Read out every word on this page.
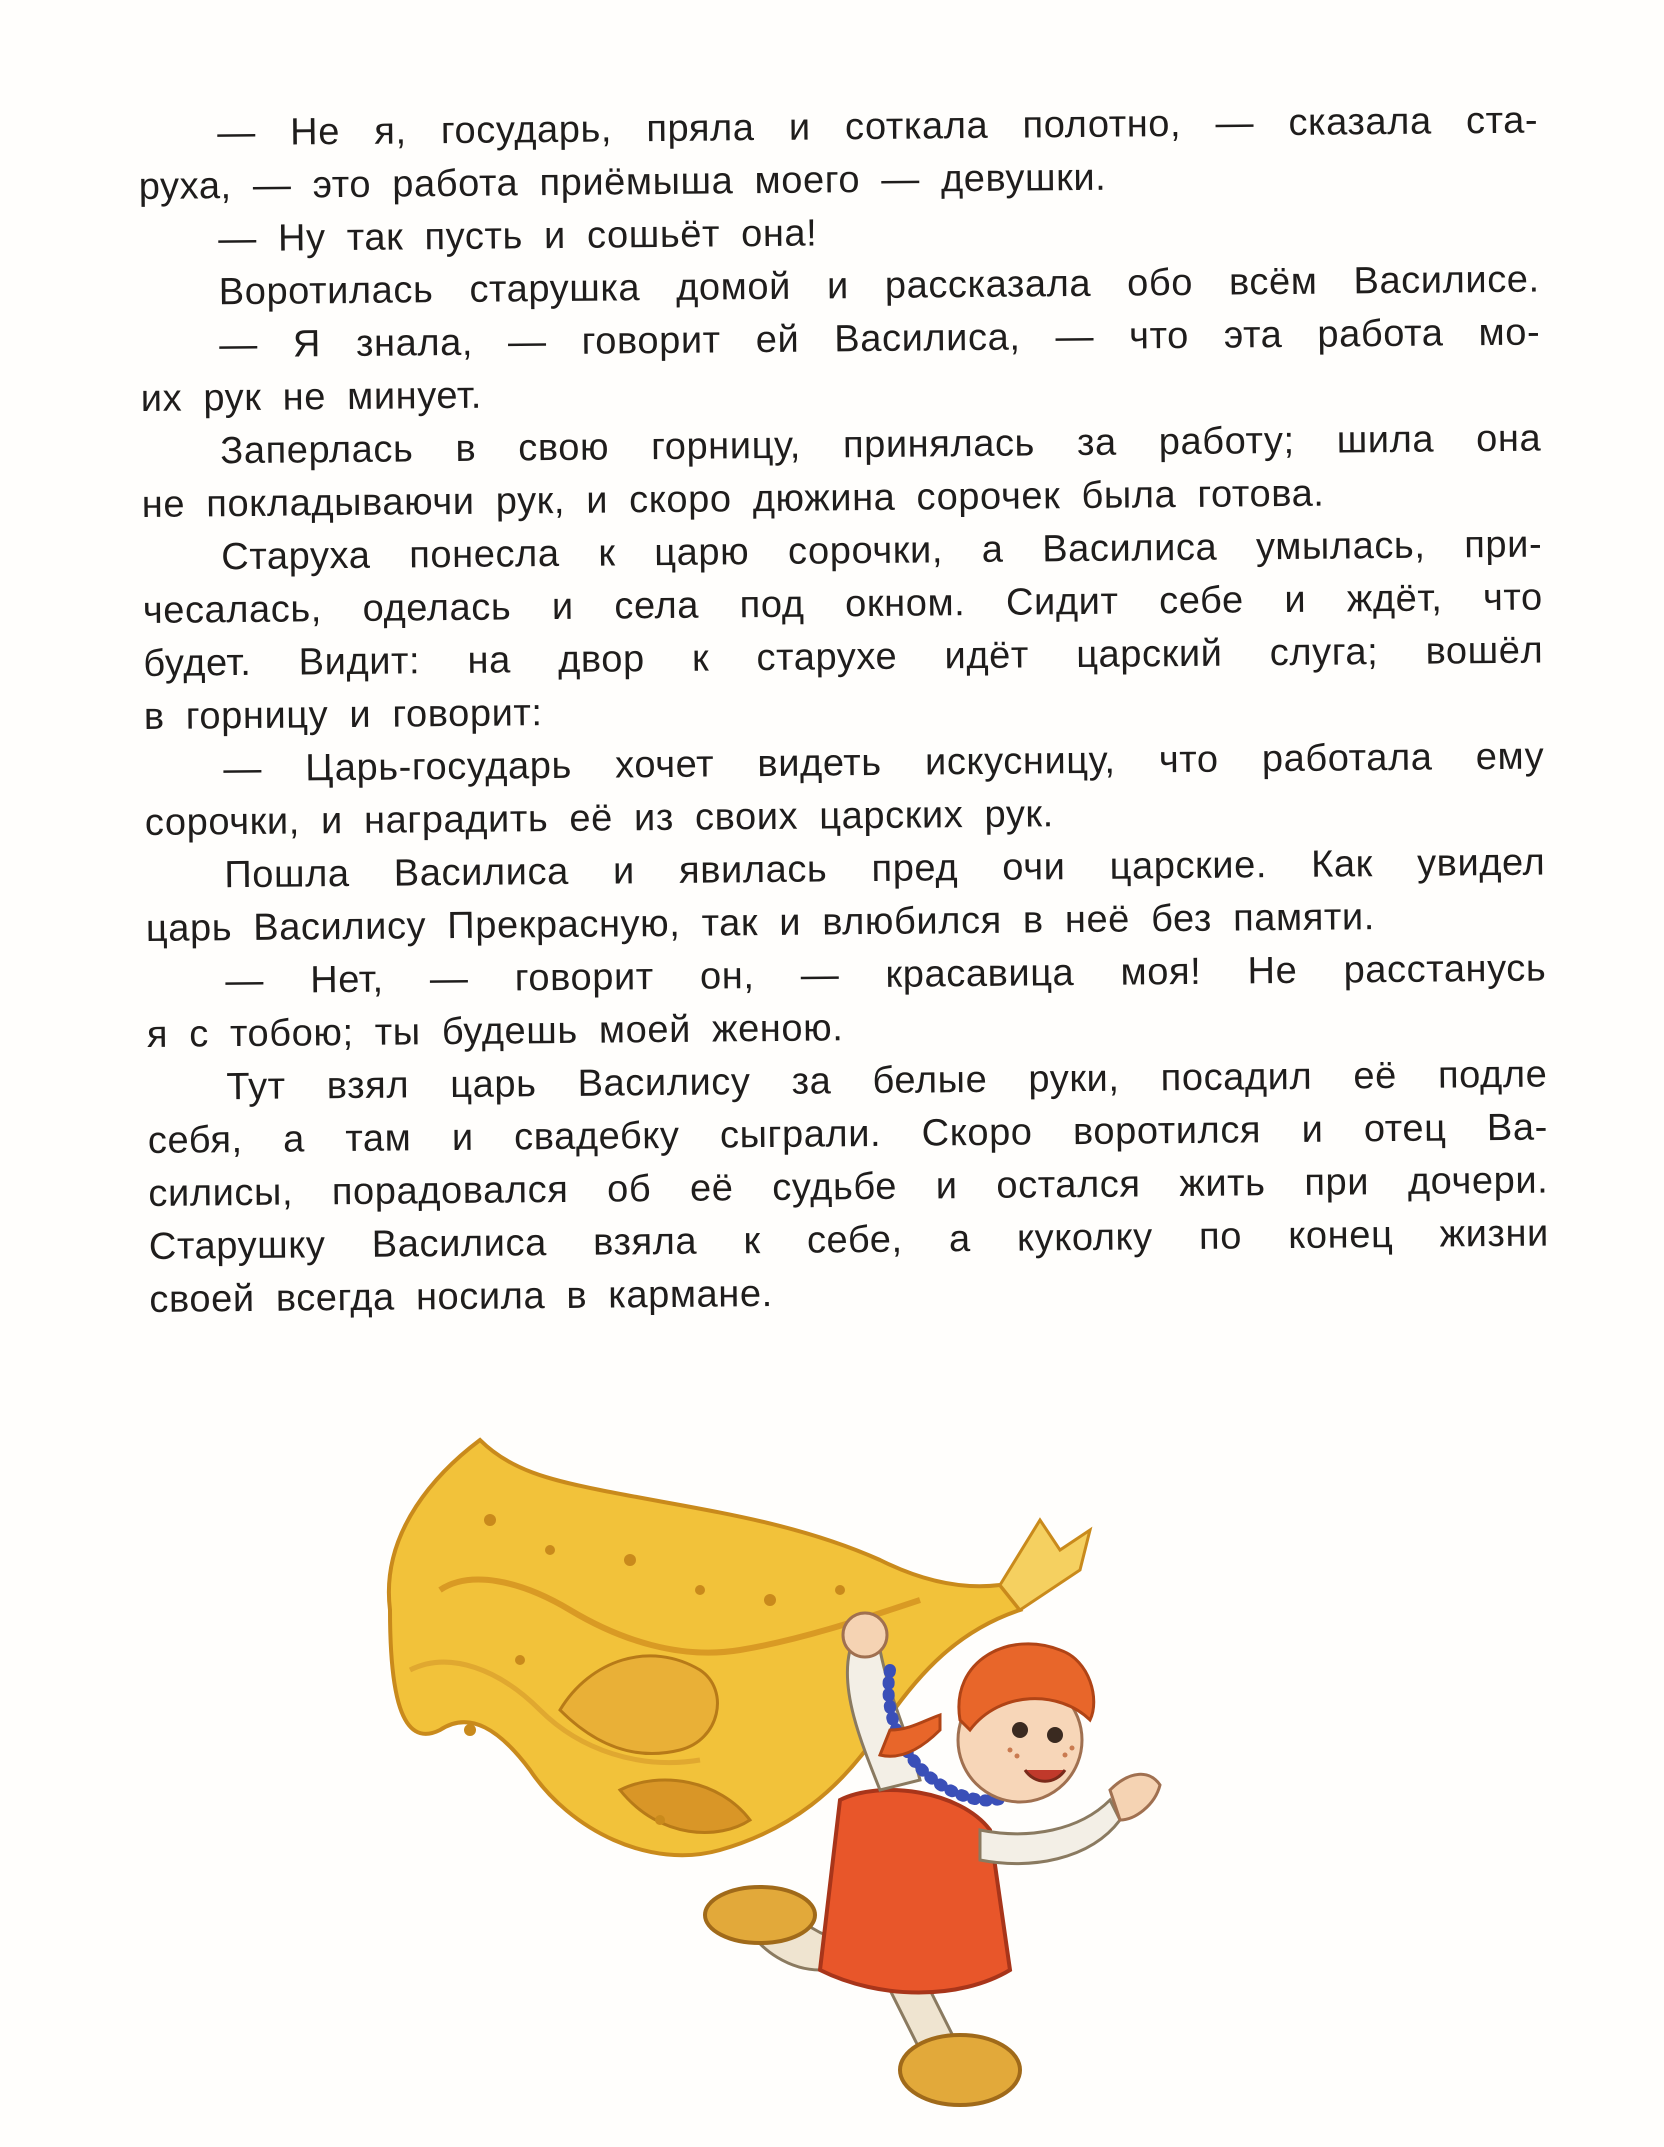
— Не я, государь, пряла и соткала полотно, — сказала ста-
руха, — это работа приёмыша моего — девушки.
— Ну так пусть и сошьёт она!
Воротилась старушка домой и рассказала обо всём Василисе.
— Я знала, — говорит ей Василиса, — что эта работа мо-
их рук не минует.
Заперлась в свою горницу, принялась за работу; шила она
не покладываючи рук, и скоро дюжина сорочек была готова.
Старуха понесла к царю сорочки, а Василиса умылась, при-
чесалась, оделась и села под окном. Сидит себе и ждёт, что
будет. Видит: на двор к старухе идёт царский слуга; вошёл
в горницу и говорит:
— Царь-государь хочет видеть искусницу, что работала ему
сорочки, и наградить её из своих царских рук.
Пошла Василиса и явилась пред очи царские. Как увидел
царь Василису Прекрасную, так и влюбился в неё без памяти.
— Нет, — говорит он, — красавица моя! Не расстанусь
я с тобою; ты будешь моей женою.
Тут взял царь Василису за белые руки, посадил её подле
себя, а там и свадебку сыграли. Скоро воротился и отец Ва-
силисы, порадовался об её судьбе и остался жить при дочери.
Старушку Василиса взяла к себе, а куколку по конец жизни
своей всегда носила в кармане.
